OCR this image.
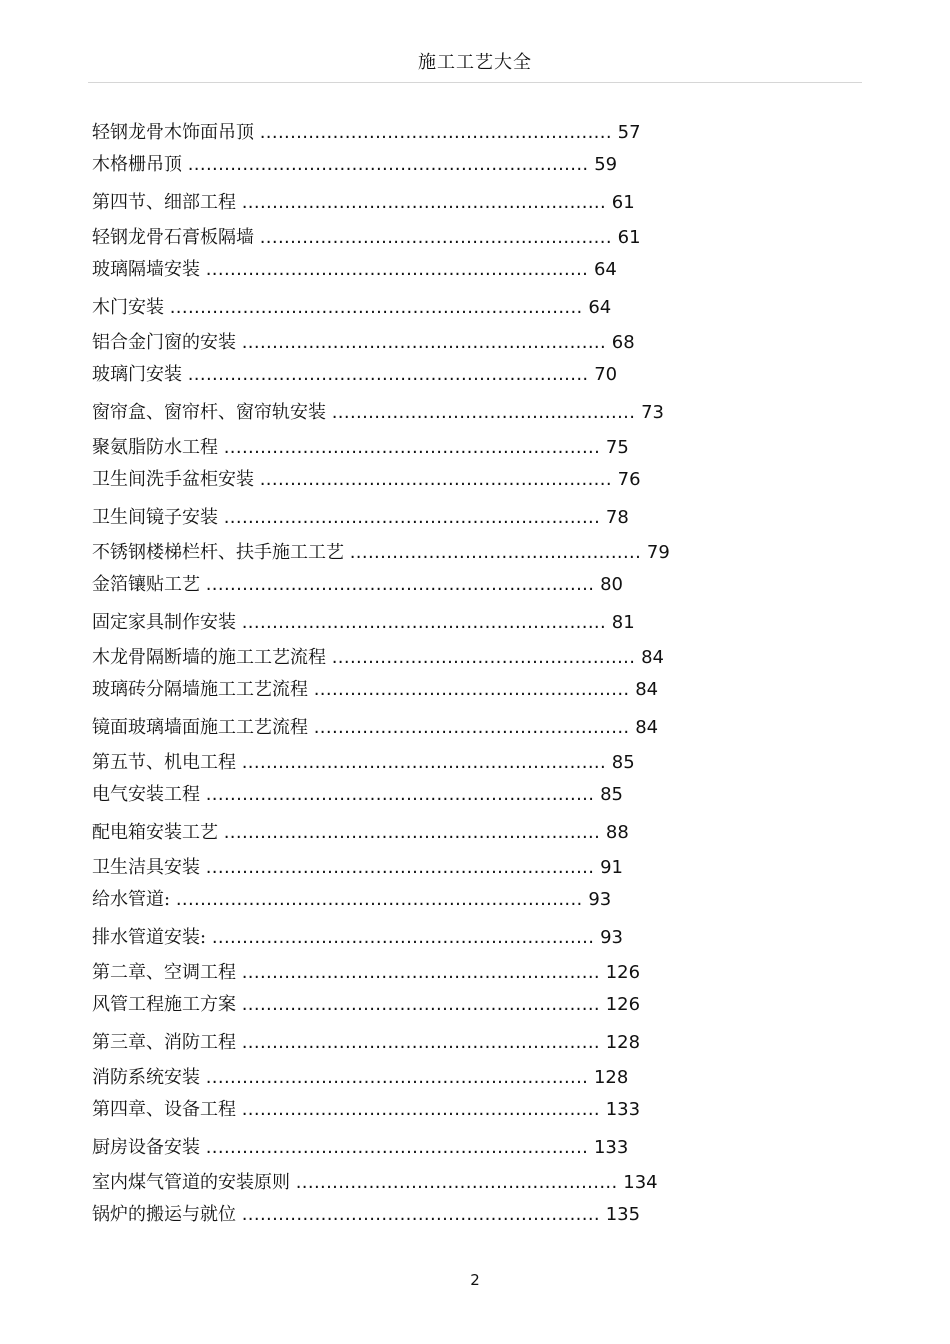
施工工艺大全
轻钢龙骨木饰面吊顶 .......................................................... 57
木格栅吊顶 .................................................................. 59
第四节、细部工程 ............................................................ 61
轻钢龙骨石膏板隔墙 .......................................................... 61
玻璃隔墙安装 ............................................................... 64
木门安装 .................................................................... 64
铝合金门窗的安装 ............................................................ 68
玻璃门安装 .................................................................. 70
窗帘盒、窗帘杆、窗帘轨安装 .................................................. 73
聚氨脂防水工程 .............................................................. 75
卫生间洗手盆柜安装 .......................................................... 76
卫生间镜子安装 .............................................................. 78
不锈钢楼梯栏杆、扶手施工工艺 ................................................ 79
金箔镶贴工艺 ................................................................ 80
固定家具制作安装 ............................................................ 81
木龙骨隔断墙的施工工艺流程 .................................................. 84
玻璃砖分隔墙施工工艺流程 .................................................... 84
镜面玻璃墙面施工工艺流程 .................................................... 84
第五节、机电工程 ............................................................ 85
电气安装工程 ................................................................ 85
配电箱安装工艺 .............................................................. 88
卫生洁具安装 ................................................................ 91
给水管道: ................................................................... 93
排水管道安装: ............................................................... 93
第二章、空调工程 ........................................................... 126
风管工程施工方案 ........................................................... 126
第三章、消防工程 ........................................................... 128
消防系统安装 ............................................................... 128
第四章、设备工程 ........................................................... 133
厨房设备安装 ............................................................... 133
室内煤气管道的安装原则 ..................................................... 134
锅炉的搬运与就位 ........................................................... 135
2
